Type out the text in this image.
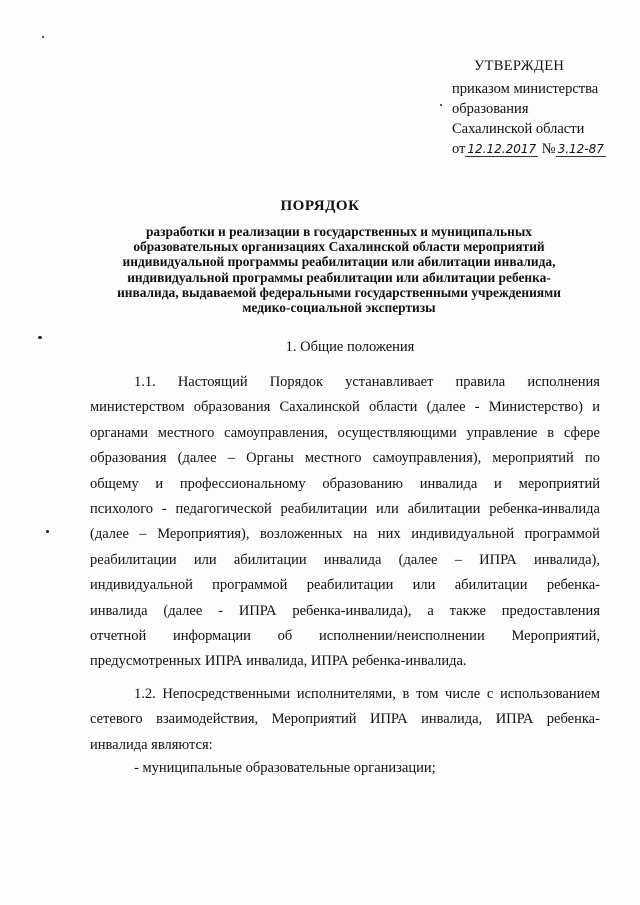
УТВЕРЖДЕН
приказом министерства
образования
Сахалинской области
от 12.12.2017 № 3.12-87
ПОРЯДОК
разработки и реализации в государственных и муниципальных образовательных организациях Сахалинской области мероприятий индивидуальной программы реабилитации или абилитации инвалида, индивидуальной программы реабилитации или абилитации ребенка-инвалида, выдаваемой федеральными государственными учреждениями медико-социальной экспертизы
1. Общие положения
1.1. Настоящий Порядок устанавливает правила исполнения
министерством образования Сахалинской области (далее - Министерство) и
органами местного самоуправления, осуществляющими управление в сфере
образования (далее – Органы местного самоуправления), мероприятий по
общему и профессиональному образованию инвалида и мероприятий
психолого - педагогической реабилитации или абилитации ребенка-инвалида
(далее – Мероприятия), возложенных на них индивидуальной программой
реабилитации или абилитации инвалида (далее – ИПРА инвалида),
индивидуальной программой реабилитации или абилитации ребенка-
инвалида (далее - ИПРА ребенка-инвалида), а также предоставления
отчетной информации об исполнении/неисполнении Мероприятий,
предусмотренных ИПРА инвалида, ИПРА ребенка-инвалида.
1.2. Непосредственными исполнителями, в том числе с использованием
сетевого взаимодействия, Мероприятий ИПРА инвалида, ИПРА ребенка-
инвалида являются:
- муниципальные образовательные организации;
